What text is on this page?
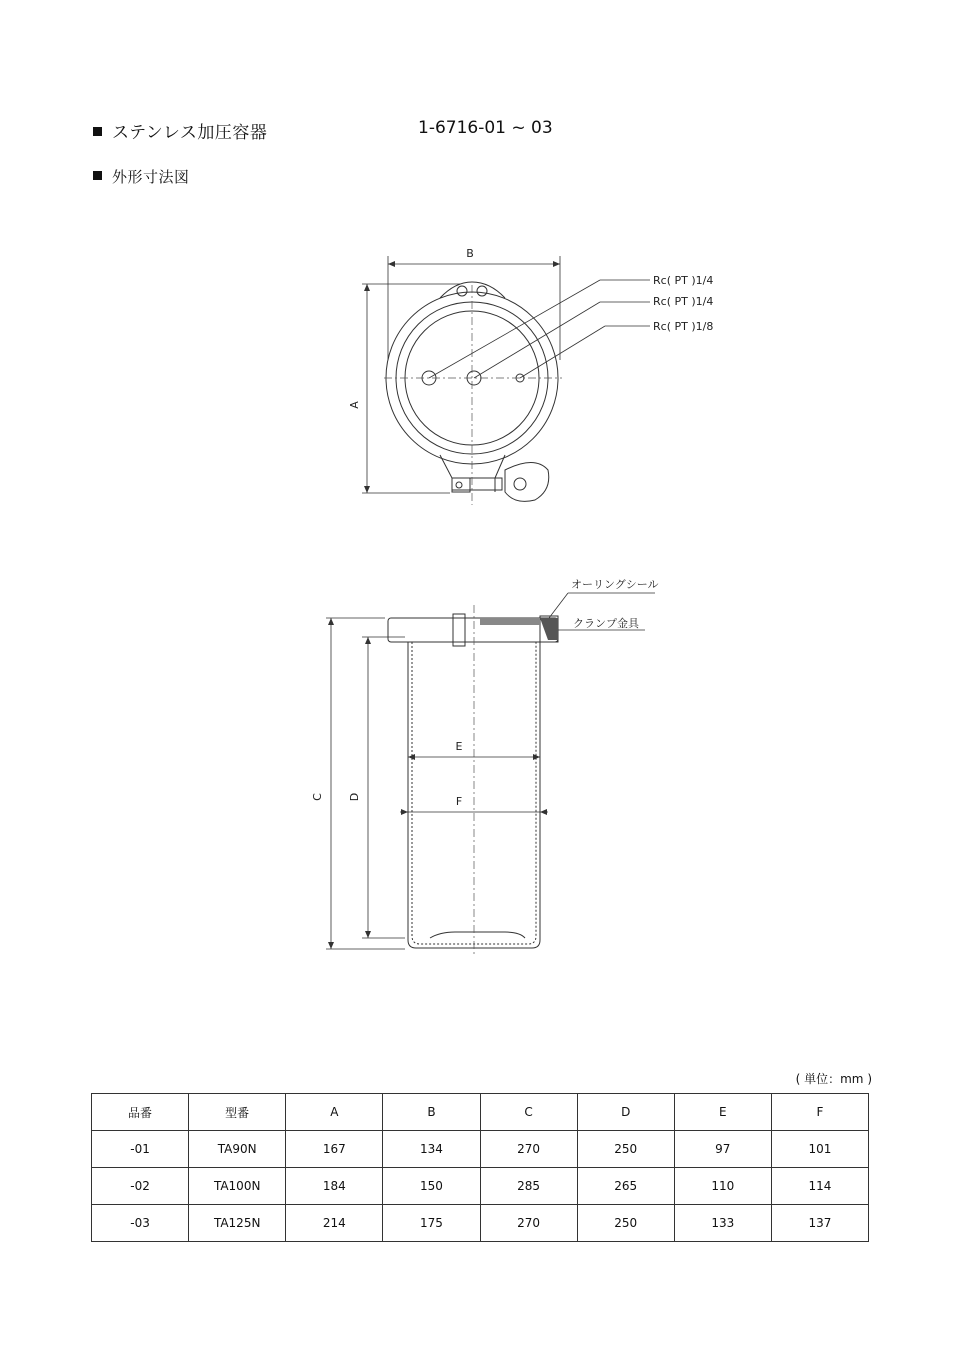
ステンレス加圧容器	1-6716-01 ~ 03
外形寸法図
B
A
Rc( PT )1/4
Rc( PT )1/4
Rc( PT )1/8
C D
E
F
オーリングシール
クランプ金具
( 単位：mm )
品番	型番	A	B	C	D	E	F
-01	TA90N	167	134	270	250	97	101
-02	TA100N	184	150	285	265	110	114
-03	TA125N	214	175	270	250	133	137
